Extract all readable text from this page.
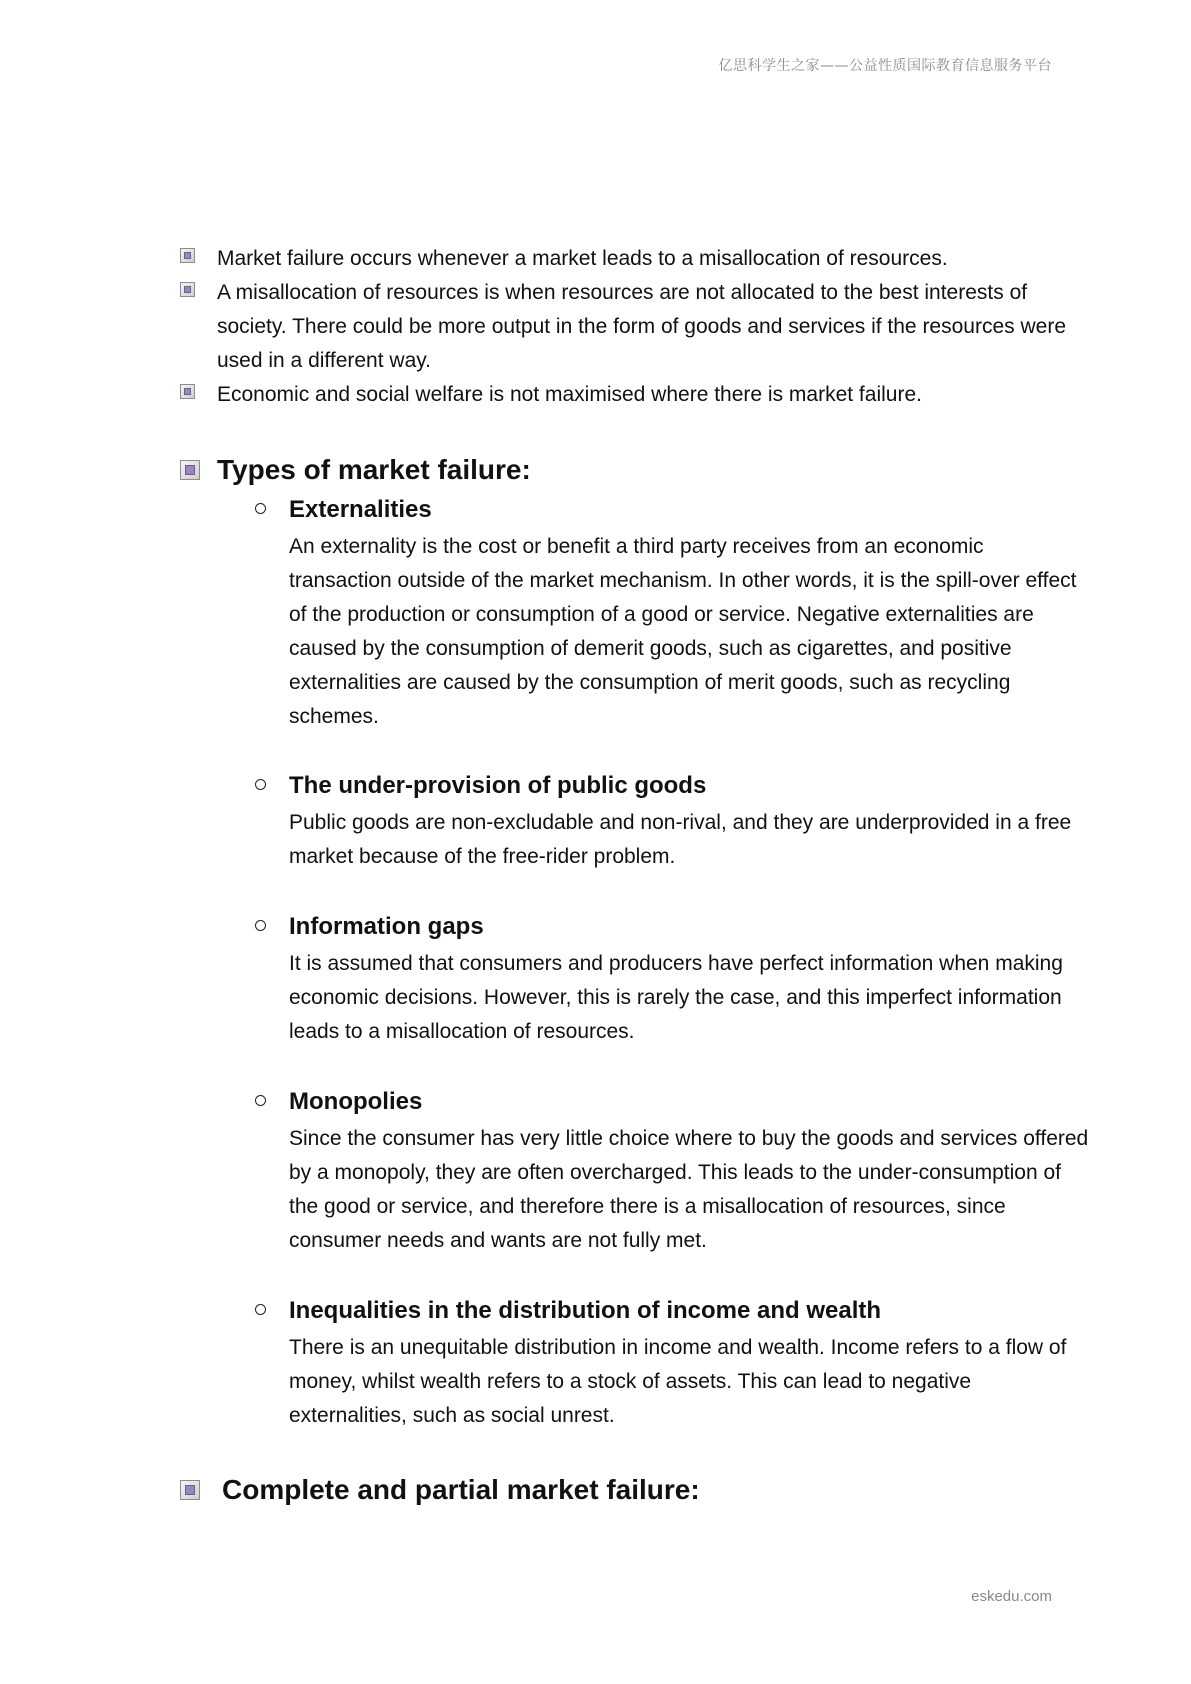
亿思科学生之家——公益性质国际教育信息服务平台
Market failure occurs whenever a market leads to a misallocation of resources.
A misallocation of resources is when resources are not allocated to the best interests of society. There could be more output in the form of goods and services if the resources were used in a different way.
Economic and social welfare is not maximised where there is market failure.
Types of market failure:
Externalities
An externality is the cost or benefit a third party receives from an economic transaction outside of the market mechanism. In other words, it is the spill-over effect of the production or consumption of a good or service. Negative externalities are caused by the consumption of demerit goods, such as cigarettes, and positive externalities are caused by the consumption of merit goods, such as recycling schemes.
The under-provision of public goods
Public goods are non-excludable and non-rival, and they are underprovided in a free market because of the free-rider problem.
Information gaps
It is assumed that consumers and producers have perfect information when making economic decisions. However, this is rarely the case, and this imperfect information leads to a misallocation of resources.
Monopolies
Since the consumer has very little choice where to buy the goods and services offered by a monopoly, they are often overcharged. This leads to the under-consumption of the good or service, and therefore there is a misallocation of resources, since consumer needs and wants are not fully met.
Inequalities in the distribution of income and wealth
There is an unequitable distribution in income and wealth. Income refers to a flow of money, whilst wealth refers to a stock of assets. This can lead to negative externalities, such as social unrest.
Complete and partial market failure:
eskedu.com
